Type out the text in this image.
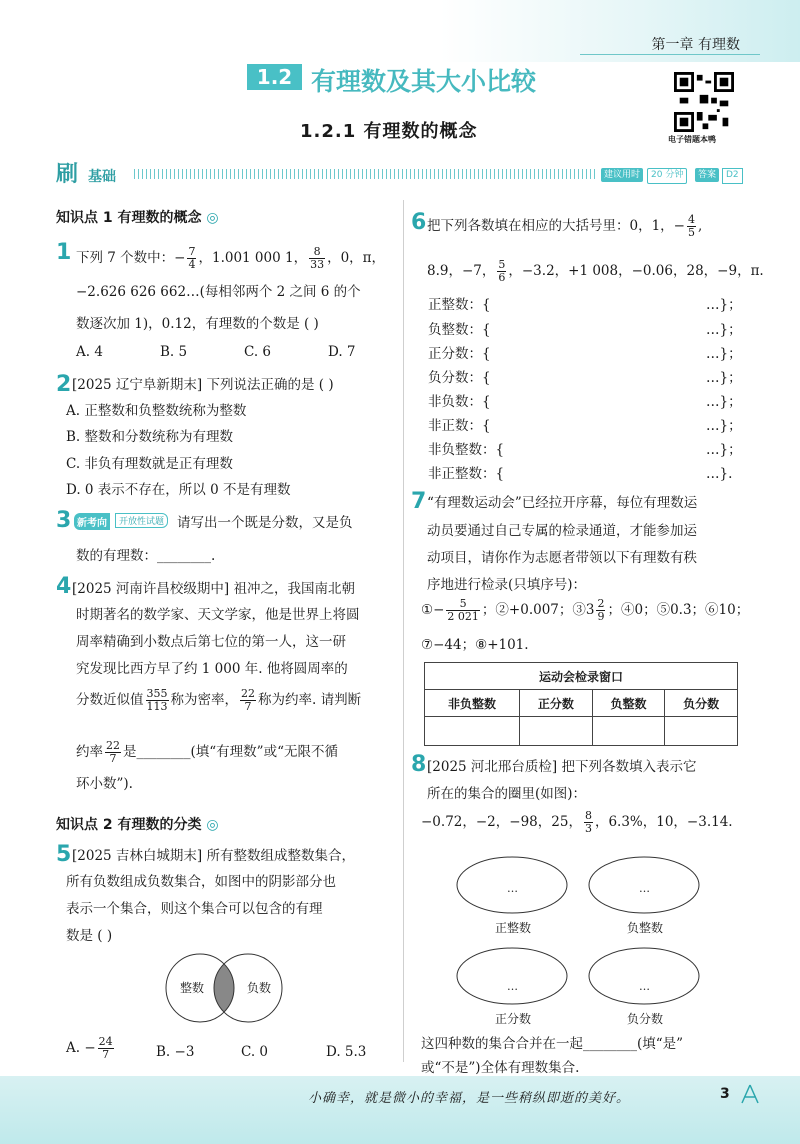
第一章 有理数
1.2 有理数及其大小比较
1.2.1 有理数的概念	电子错题本鸭
刷 基础	建议用时	20 分钟	答案	D2
知识点 1 有理数的概念 ◎
1 下列 7 个数中：− $\frac{7}{4}$ ，1.001 000 1， $\frac{8}{33}$ ，0，π，
−2.626 626 662…(每相邻两个 2 之间 6 的个
数逐次加 1)，0.12̇，有理数的个数是 ( )
A. 4	B. 5	C. 6	D. 7
2 [2025 辽宁阜新期末] 下列说法正确的是 ( )
A. 正整数和负整数统称为整数
B. 整数和分数统称为有理数
C. 非负有理数就是正有理数
D. 0 表示不存在，所以 0 不是有理数
3 新考向	开放性试题 请写出一个既是分数，又是负
数的有理数：________.
4 [2025 河南许昌校级期中] 祖冲之，我国南北朝
时期著名的数学家、天文学家，他是世界上将圆
周率精确到小数点后第七位的第一人，这一研
究发现比西方早了约 1 000 年. 他将圆周率的
分数近似值 $\frac{355}{113}$ 称为密率， $\frac{22}{7}$ 称为约率. 请判断
约率 $\frac{22}{7}$ 是________(填“有理数”或“无限不循
环小数”).
知识点 2 有理数的分类 ◎
5 [2025 吉林白城期末] 所有整数组成整数集合，
所有负数组成负数集合，如图中的阴影部分也
表示一个集合，则这个集合可以包含的有理
数是 ( )
整数	负数
A. − $\frac{24}{7}$	B. −3	C. 0	D. 5.3
6 把下列各数填在相应的大括号里：0，1，− $\frac{4}{5}$ ,
8.9，−7， $\frac{5}{6}$ ，−3.2，+1 008，−0.06，28，−9，π.
正整数：{	…}；
负整数：{	…}；
正分数：{	…}；
负分数：{	…}；
非负数：{	…}；
非正数：{	…}；
非负整数：{	…}；
非正整数：{	…}.
7 “有理数运动会”已经拉开序幕，每位有理数运
动员要通过自己专属的检录通道，才能参加运
动项目，请你作为志愿者带领以下有理数有秩
序地进行检录(只填序号)：
①− $\frac{5}{2 021}$ ；②+0.007；③3 $\frac{2}{9}$ ；④0；⑤0.3̇；⑥10；
⑦−44；⑧+101.
运动会检录窗口			
非负整数	正分数	负整数	负分数

8 [2025 河北邢台质检] 把下列各数填入表示它
所在的集合的圈里(如图)：
−0.72，−2，−98，25， $\frac{8}{3}$ ，6.3%，10，−3.14.
…
正整数
…
负整数
…
正分数
…
负分数
这四种数的集合合并在一起________(填“是”
或“不是”)全体有理数集合.
小确幸，就是微小的幸福，是一些稍纵即逝的美好。	3
